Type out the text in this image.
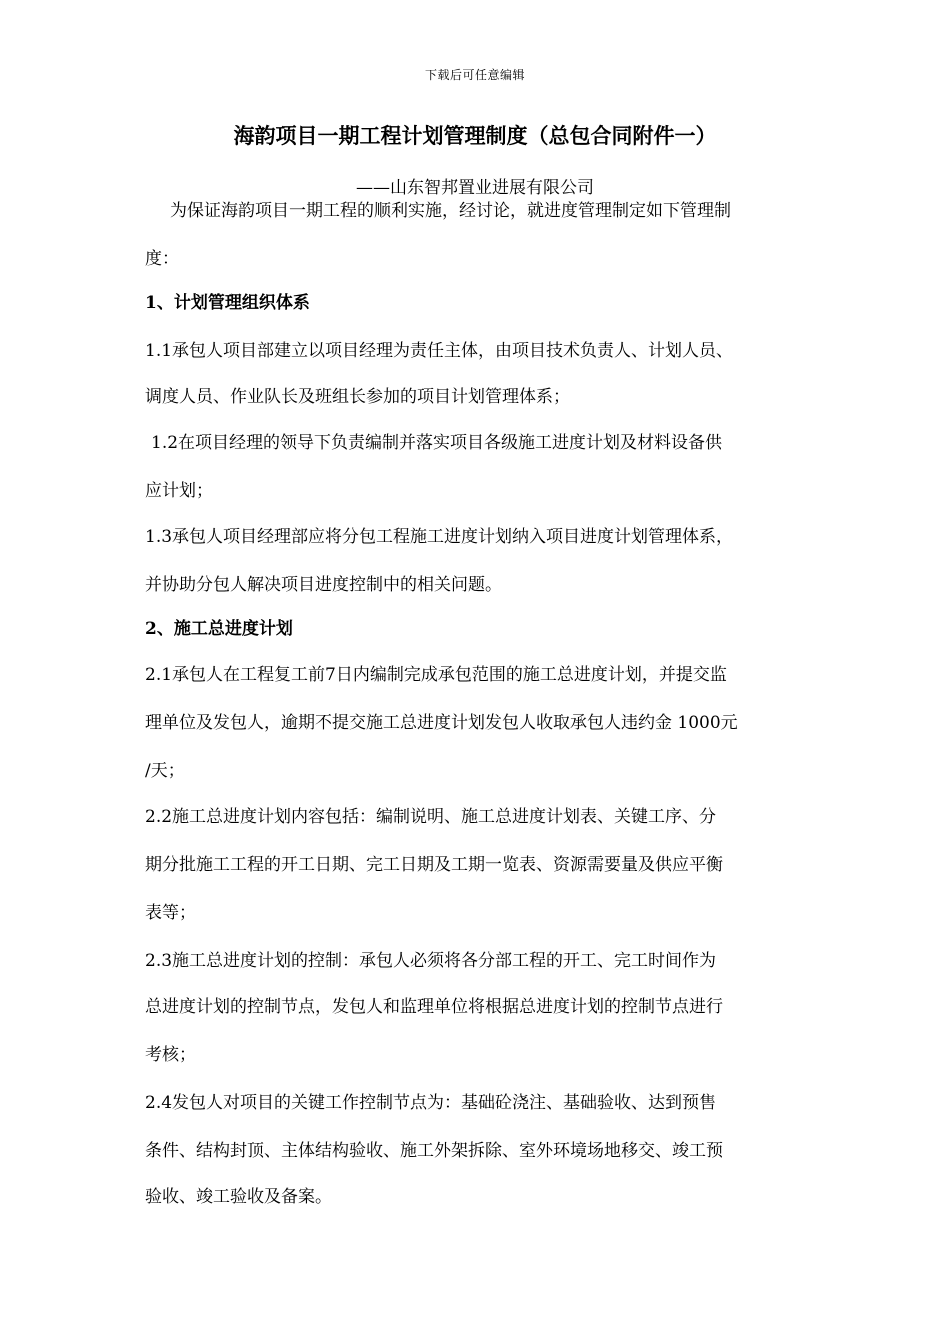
下载后可任意编辑
海韵项目一期工程计划管理制度（总包合同附件一）
——山东智邦置业进展有限公司
为保证海韵项目一期工程的顺利实施，经讨论，就进度管理制定如下管理制
度：
1、计划管理组织体系
1.1承包人项目部建立以项目经理为责任主体，由项目技术负责人、计划人员、
调度人员、作业队长及班组长参加的项目计划管理体系；
1.2在项目经理的领导下负责编制并落实项目各级施工进度计划及材料设备供
应计划；
1.3承包人项目经理部应将分包工程施工进度计划纳入项目进度计划管理体系，
并协助分包人解决项目进度控制中的相关问题。
2、施工总进度计划
2.1承包人在工程复工前7日内编制完成承包范围的施工总进度计划，并提交监
理单位及发包人，逾期不提交施工总进度计划发包人收取承包人违约金 1000元
/天；
2.2施工总进度计划内容包括：编制说明、施工总进度计划表、关键工序、分
期分批施工工程的开工日期、完工日期及工期一览表、资源需要量及供应平衡
表等；
2.3施工总进度计划的控制：承包人必须将各分部工程的开工、完工时间作为
总进度计划的控制节点，发包人和监理单位将根据总进度计划的控制节点进行
考核；
2.4发包人对项目的关键工作控制节点为：基础砼浇注、基础验收、达到预售
条件、结构封顶、主体结构验收、施工外架拆除、室外环境场地移交、竣工预
验收、竣工验收及备案。
